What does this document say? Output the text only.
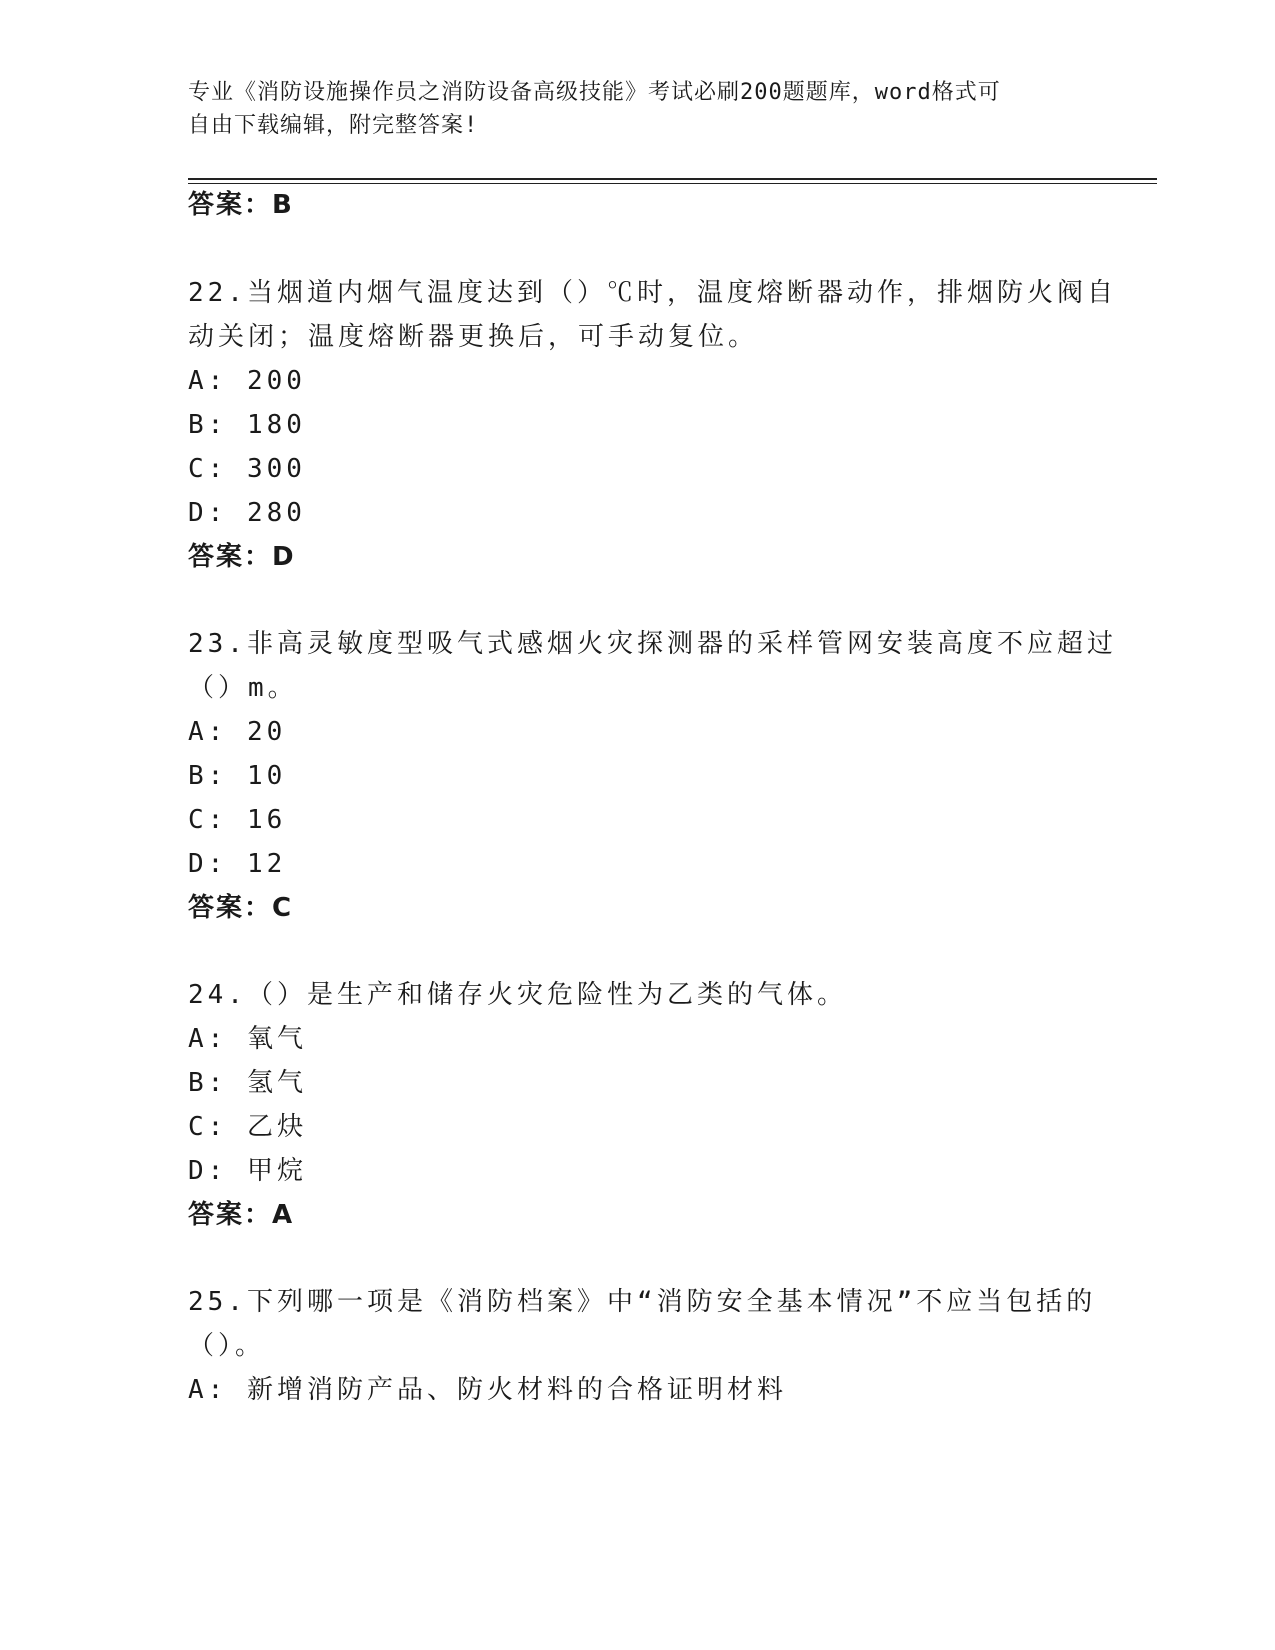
专业《消防设施操作员之消防设备高级技能》考试必刷200题题库，word格式可
自由下载编辑，附完整答案!
答案：B
22.当烟道内烟气温度达到（）℃时，温度熔断器动作，排烟防火阀自
动关闭；温度熔断器更换后，可手动复位。
A: 200
B: 180
C: 300
D: 280
答案：D
23.非高灵敏度型吸气式感烟火灾探测器的采样管网安装高度不应超过
（）m。
A: 20
B: 10
C: 16
D: 12
答案：C
24.（）是生产和储存火灾危险性为乙类的气体。
A: 氧气
B: 氢气
C: 乙炔
D: 甲烷
答案：A
25.下列哪一项是《消防档案》中“消防安全基本情况”不应当包括的
（）。
A: 新增消防产品、防火材料的合格证明材料
